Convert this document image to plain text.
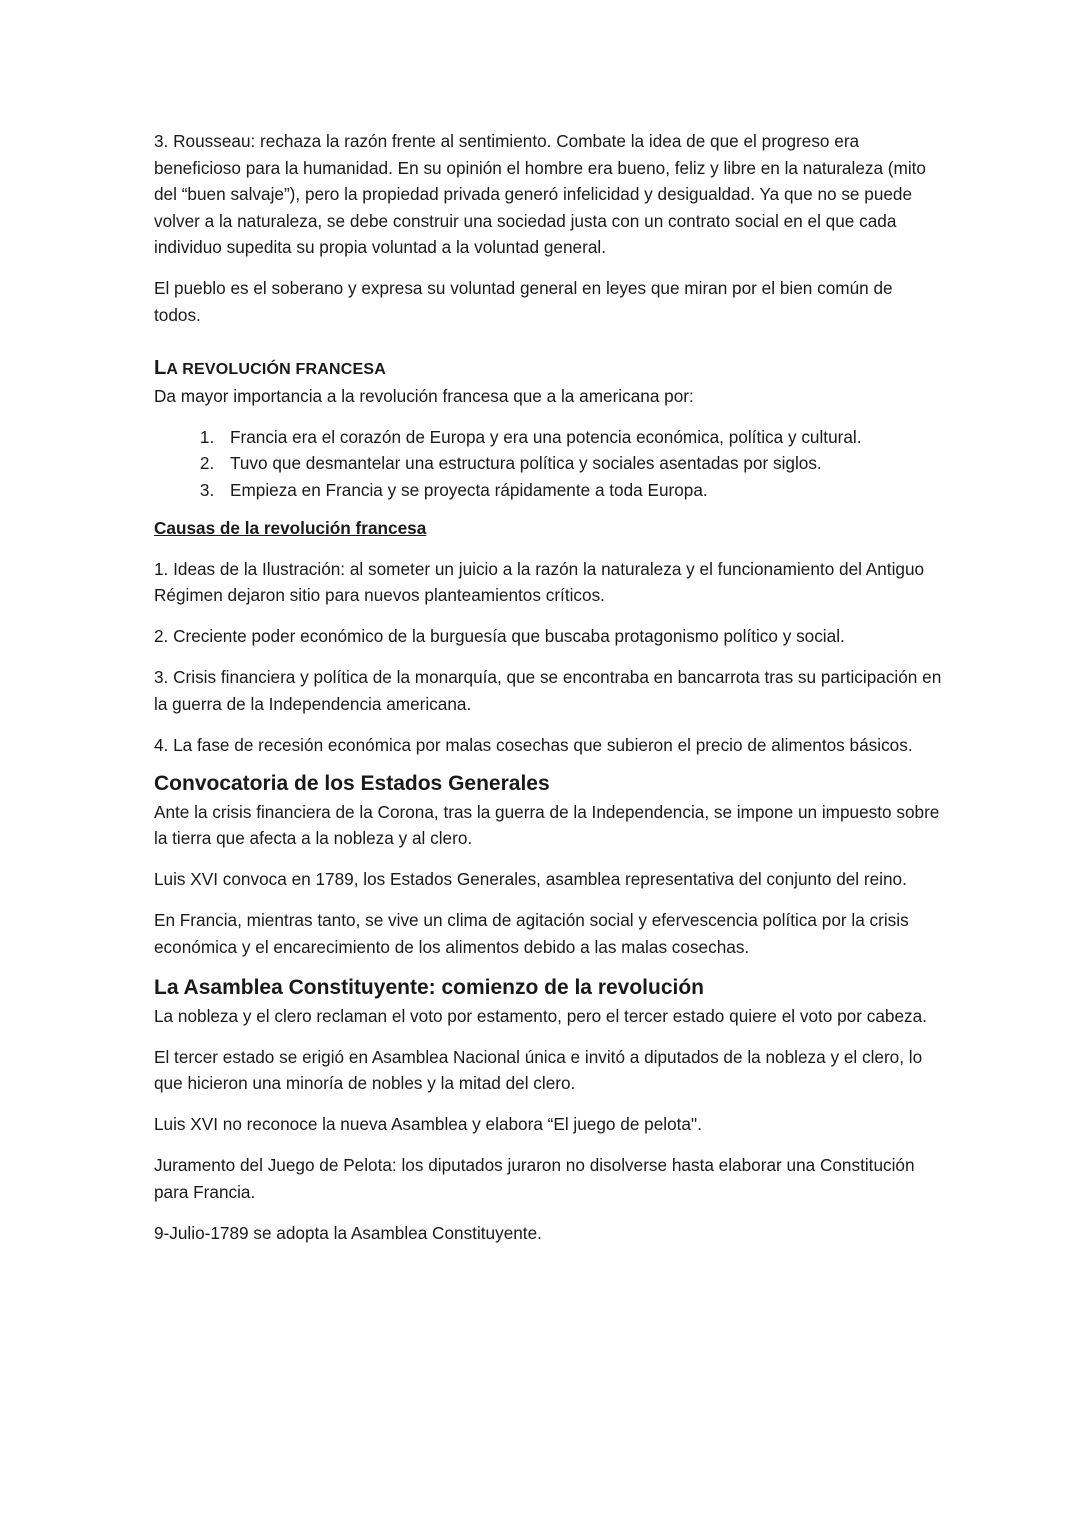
3. Rousseau: rechaza la razón frente al sentimiento. Combate la idea de que el progreso era beneficioso para la humanidad. En su opinión el hombre era bueno, feliz y libre en la naturaleza (mito del “buen salvaje”), pero la propiedad privada generó infelicidad y desigualdad. Ya que no se puede volver a la naturaleza, se debe construir una sociedad justa con un contrato social en el que cada individuo supedita su propia voluntad a la voluntad general.

El pueblo es el soberano y expresa su voluntad general en leyes que miran por el bien común de todos.

LA REVOLUCIÓN FRANCESA

Da mayor importancia a la revolución francesa que a la americana por:

1. Francia era el corazón de Europa y era una potencia económica, política y cultural.
2. Tuvo que desmantelar una estructura política y sociales asentadas por siglos.
3. Empieza en Francia y se proyecta rápidamente a toda Europa.

Causas de la revolución francesa

1. Ideas de la Ilustración: al someter un juicio a la razón la naturaleza y el funcionamiento del Antiguo Régimen dejaron sitio para nuevos planteamientos críticos.

2. Creciente poder económico de la burguesía que buscaba protagonismo político y social.

3. Crisis financiera y política de la monarquía, que se encontraba en bancarrota tras su participación en la guerra de la Independencia americana.

4. La fase de recesión económica por malas cosechas que subieron el precio de alimentos básicos.

Convocatoria de los Estados Generales

Ante la crisis financiera de la Corona, tras la guerra de la Independencia, se impone un impuesto sobre la tierra que afecta a la nobleza y al clero.

Luis XVI convoca en 1789, los Estados Generales, asamblea representativa del conjunto del reino.

En Francia, mientras tanto, se vive un clima de agitación social y efervescencia política por la crisis económica y el encarecimiento de los alimentos debido a las malas cosechas.

La Asamblea Constituyente: comienzo de la revolución

La nobleza y el clero reclaman el voto por estamento, pero el tercer estado quiere el voto por cabeza.

El tercer estado se erigió en Asamblea Nacional única e invitó a diputados de la nobleza y el clero, lo que hicieron una minoría de nobles y la mitad del clero.

Luis XVI no reconoce la nueva Asamblea y elabora “El juego de pelota".

Juramento del Juego de Pelota: los diputados juraron no disolverse hasta elaborar una Constitución para Francia.

9-Julio-1789 se adopta la Asamblea Constituyente.
